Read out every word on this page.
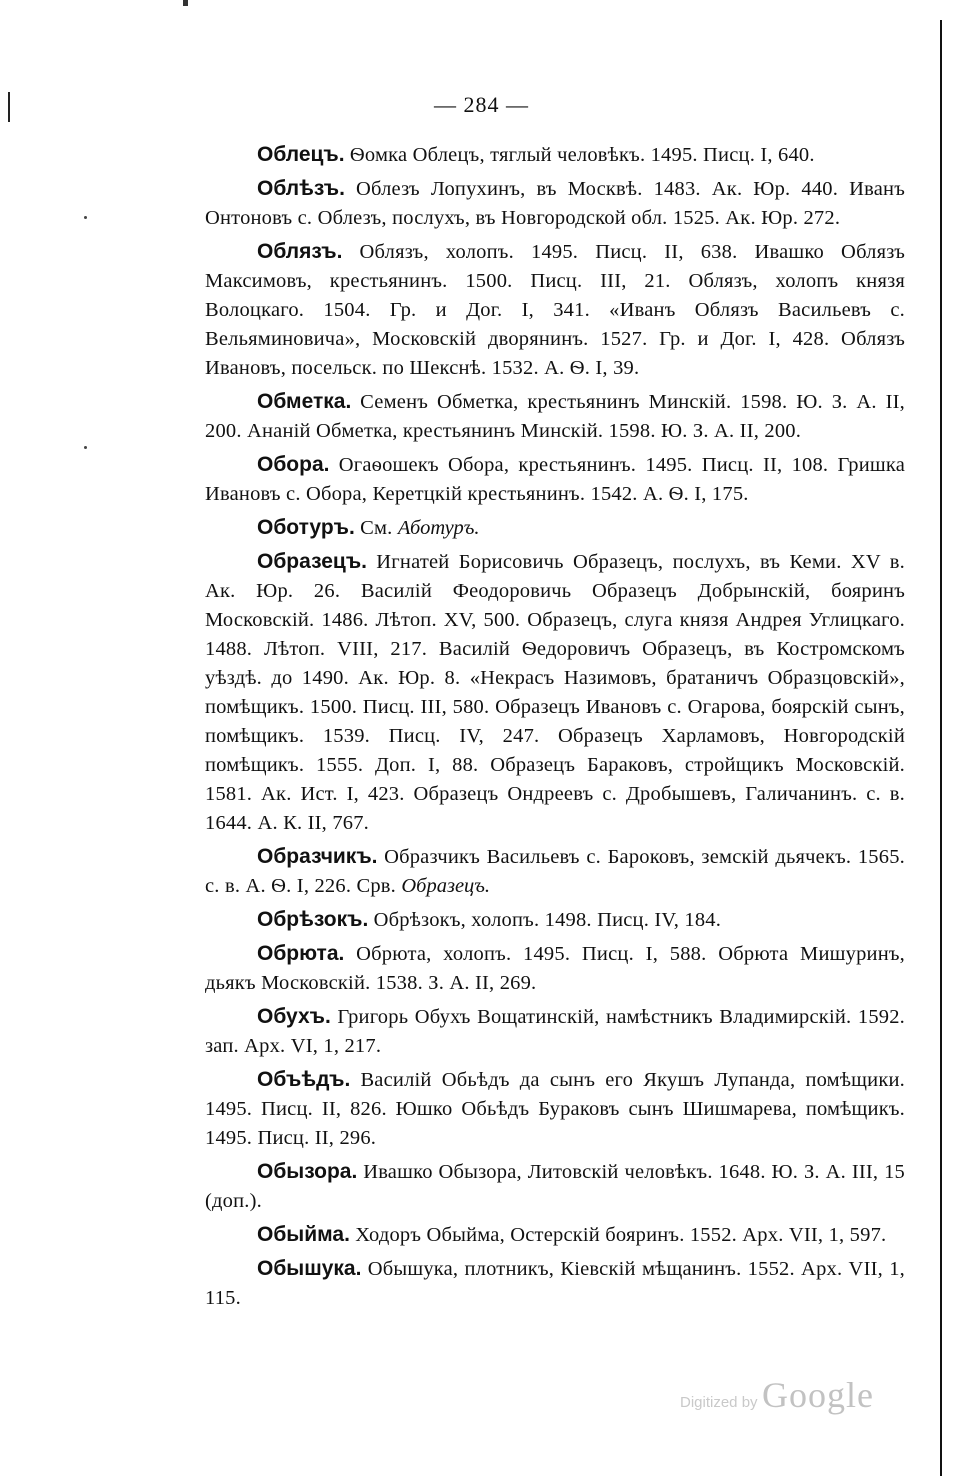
— 284 —

Облецъ. Ѳомка Облецъ, тяглый человѣкъ. 1495. Писц. I, 640.

Облѣзъ. Облезъ Лопухинъ, въ Москвѣ. 1483. Ак. Юр. 440. Иванъ Онтоновъ с. Облезъ, послухъ, въ Новгородской обл. 1525. Ак. Юр. 272.

Облязъ. Облязъ, холопъ. 1495. Писц. II, 638. Ивашко Облязъ Максимовъ, крестьянинъ. 1500. Писц. III, 21. Облязъ, холопъ князя Волоцкаго. 1504. Гр. и Дог. I, 341. «Иванъ Облязъ Васильевъ с. Вельяминовича», Московскій дворянинъ. 1527. Гр. и Дог. I, 428. Облязъ Ивановъ, посельск. по Шекснѣ. 1532. А. Ѳ. I, 39.

Обметка. Семенъ Обметка, крестьянинъ Минскій. 1598. Ю. З. А. II, 200. Ананій Обметка, крестьянинъ Минскій. 1598. Ю. З. А. II, 200.

Обора. Огаѳошекъ Обора, крестьянинъ. 1495. Писц. II, 108. Гришка Ивановъ с. Обора, Керетцкій крестьянинъ. 1542. А. Ѳ. I, 175.

Оботуръ. См. Аботуръ.

Образецъ. Игнатей Борисовичь Образецъ, послухъ, въ Кеми. XV в. Ак. Юр. 26. Василій Феодоровичь Образецъ Добрынскій, бояринъ Московскій. 1486. Лѣтоп. XV, 500. Образецъ, слуга князя Андрея Углицкаго. 1488. Лѣтоп. VIII, 217. Василій Ѳедоровичъ Образецъ, въ Костромскомъ уѣздѣ. до 1490. Ак. Юр. 8. «Некрасъ Назимовъ, братаничъ Образцовскій», помѣщикъ. 1500. Писц. III, 580. Образецъ Ивановъ с. Огарова, боярскій сынъ, помѣщикъ. 1539. Писц. IV, 247. Образецъ Харламовъ, Новгородскій помѣщикъ. 1555. Доп. I, 88. Образецъ Бараковъ, стройщикъ Московскій. 1581. Ак. Ист. I, 423. Образецъ Ондреевъ с. Дробышевъ, Галичанинъ. с. в. 1644. А. К. II, 767.

Образчикъ. Образчикъ Васильевъ с. Бароковъ, земскій дьячекъ. 1565. с. в. А. Ѳ. I, 226. Срв. Образецъ.

Обрѣзокъ. Обрѣзокъ, холопъ. 1498. Писц. IV, 184.

Обрюта. Обрюта, холопъ. 1495. Писц. I, 588. Обрюта Мишуринъ, дьякъ Московскій. 1538. З. А. II, 269.

Обухъ. Григорь Обухъ Вощатинскій, намѣстникъ Владимирскій. 1592. зап. Арх. VI, 1, 217.

Объѣдъ. Василій Обьѣдъ да сынъ его Якушъ Лупанда, помѣщики. 1495. Писц. II, 826. Юшко Обьѣдъ Бураковъ сынъ Шишмарева, помѣщикъ. 1495. Писц. II, 296.

Обызора. Ивашко Обызора, Литовскій человѣкъ. 1648. Ю. З. А. III, 15 (доп.).

Обыйма. Ходоръ Обыйма, Остерскій бояринъ. 1552. Арх. VII, 1, 597.

Обышука. Обышука, плотникъ, Кіевскій мѣщанинъ. 1552. Арх. VII, 1, 115.

Digitized by Google
